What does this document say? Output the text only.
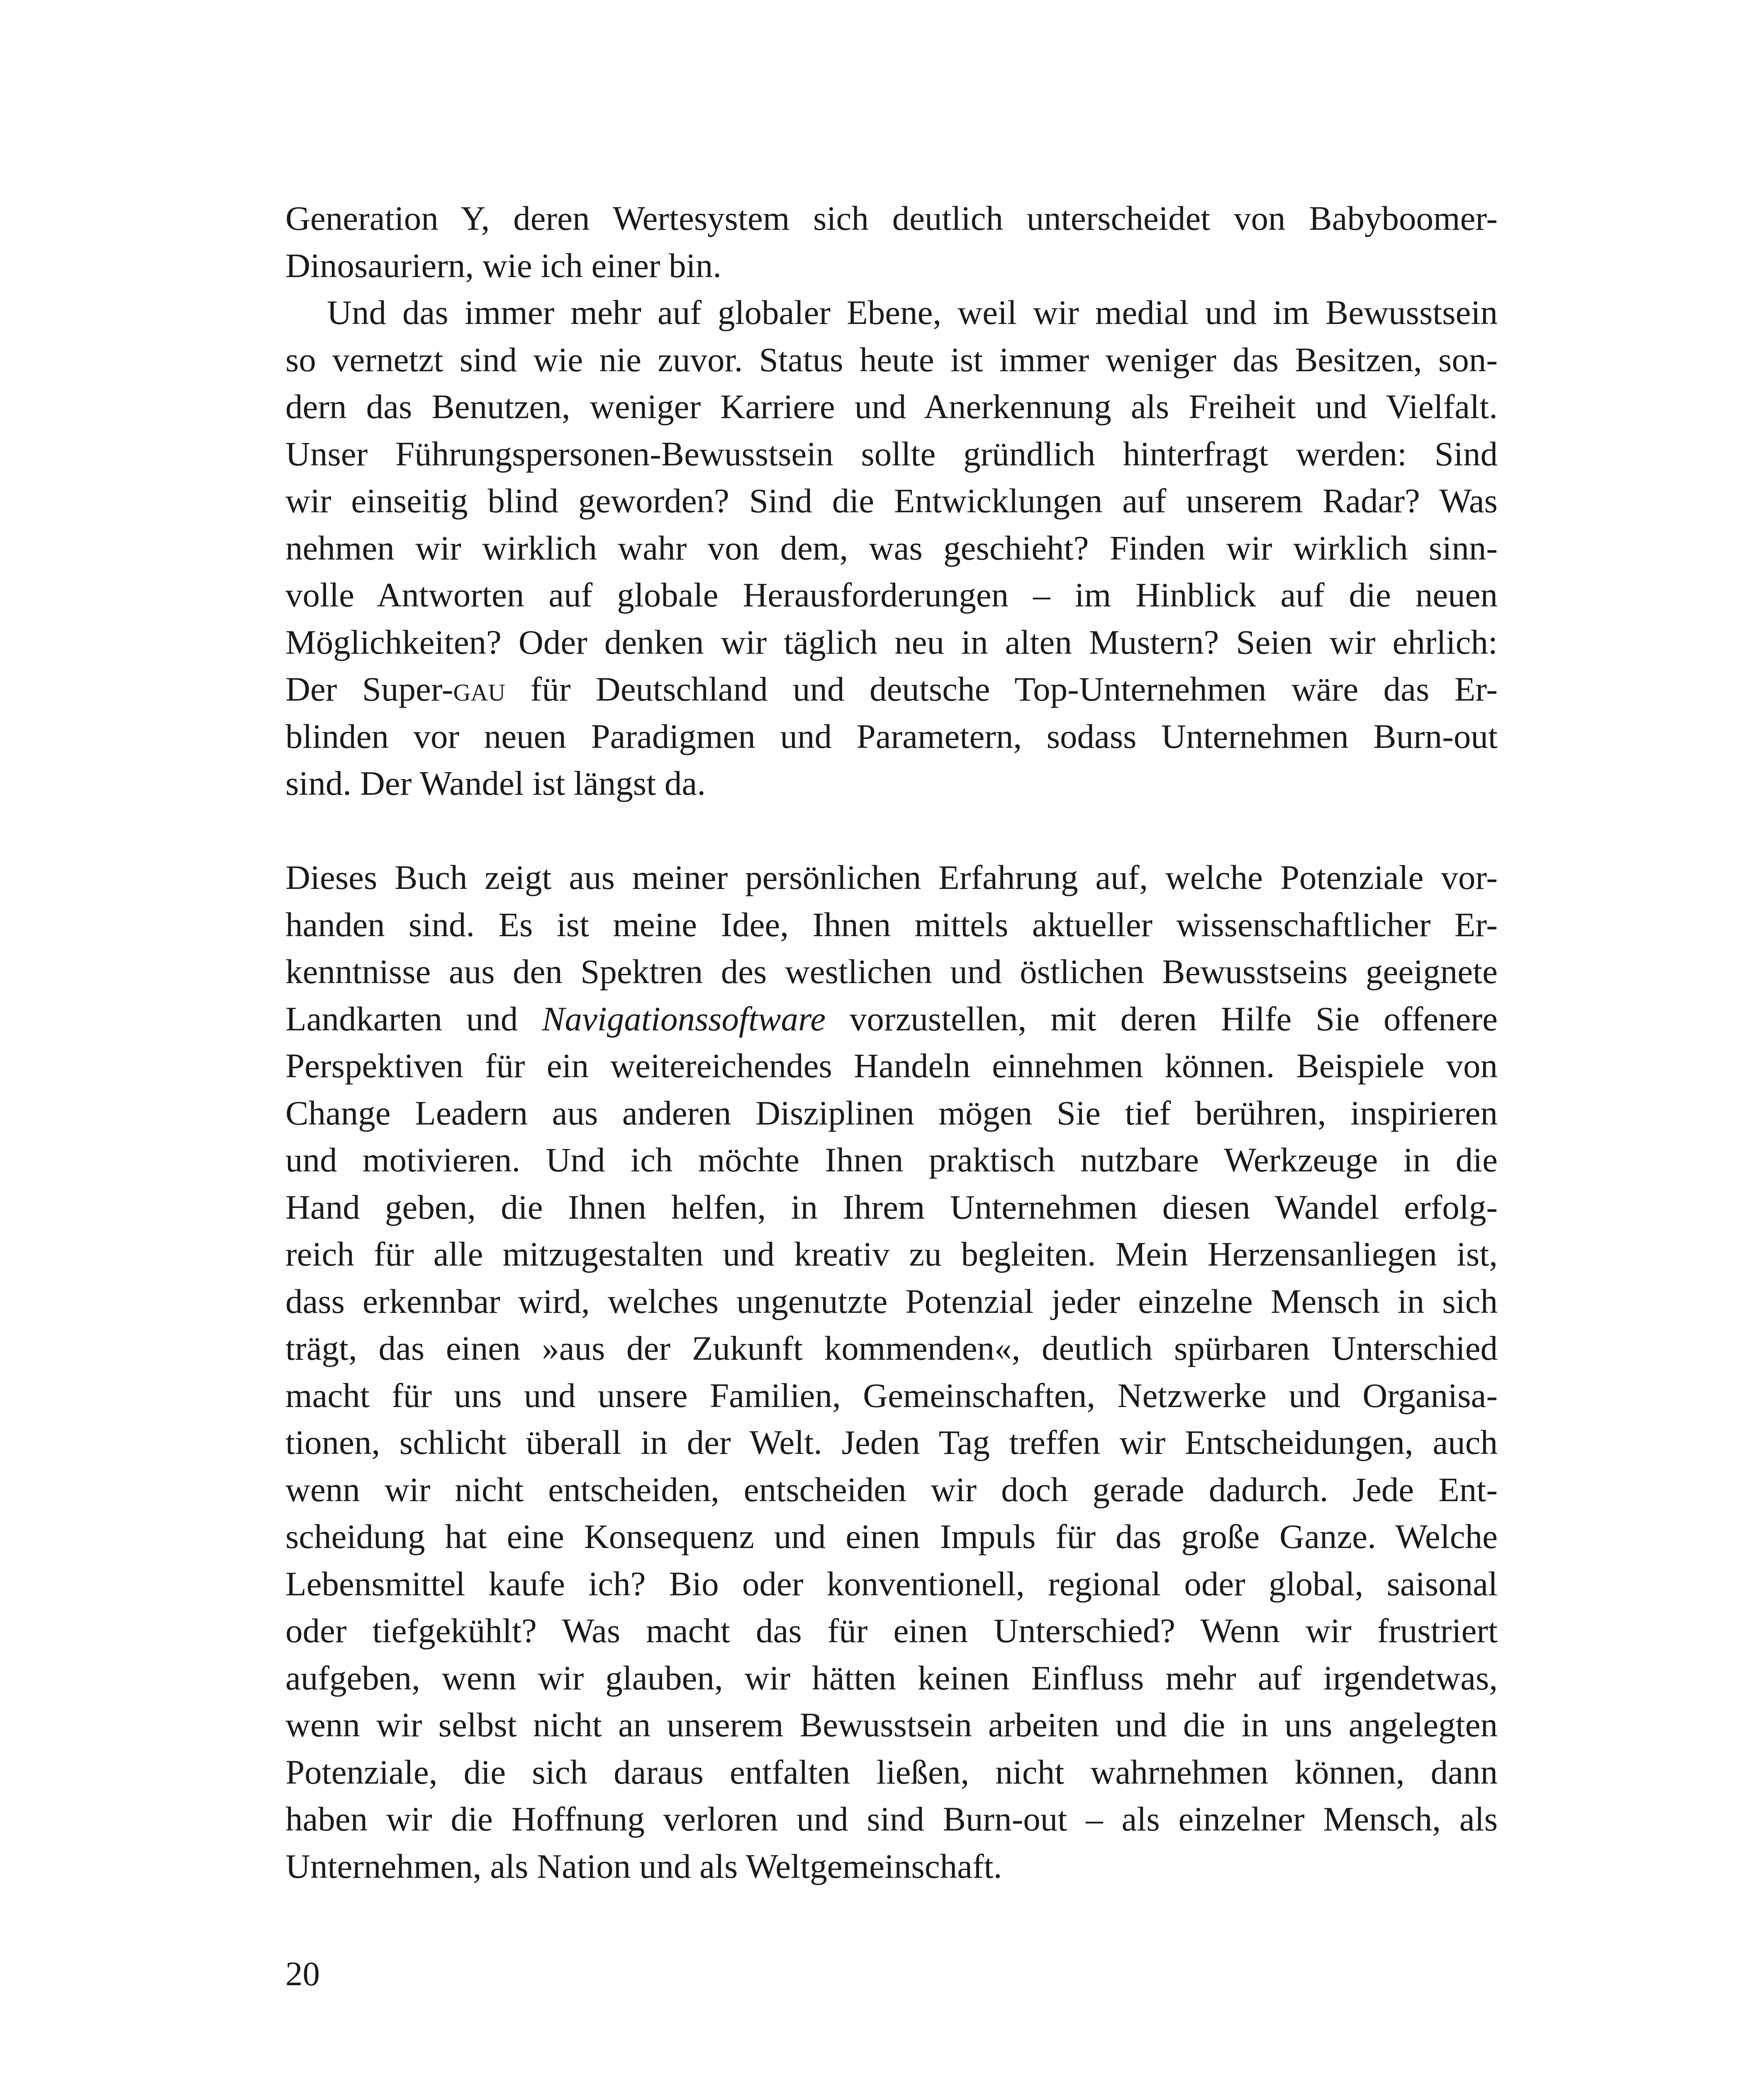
Generation Y, deren Wertesystem sich deutlich unterscheidet von Babyboomer-
Dinosauriern, wie ich einer bin.
Und das immer mehr auf globaler Ebene, weil wir medial und im Bewusstsein
so vernetzt sind wie nie zuvor. Status heute ist immer weniger das Besitzen, son-
dern das Benutzen, weniger Karriere und Anerkennung als Freiheit und Vielfalt.
Unser Führungspersonen-Bewusstsein sollte gründlich hinterfragt werden: Sind
wir einseitig blind geworden? Sind die Entwicklungen auf unserem Radar? Was
nehmen wir wirklich wahr von dem, was geschieht? Finden wir wirklich sinn-
volle Antworten auf globale Herausforderungen – im Hinblick auf die neuen
Möglichkeiten? Oder denken wir täglich neu in alten Mustern? Seien wir ehrlich:
Der Super-gau für Deutschland und deutsche Top-Unternehmen wäre das Er-
blinden vor neuen Paradigmen und Parametern, sodass Unternehmen Burn-out
sind. Der Wandel ist längst da.
Dieses Buch zeigt aus meiner persönlichen Erfahrung auf, welche Potenziale vor-
handen sind. Es ist meine Idee, Ihnen mittels aktueller wissenschaftlicher Er-
kenntnisse aus den Spektren des westlichen und östlichen Bewusstseins geeignete
Landkarten und Navigationssoftware vorzustellen, mit deren Hilfe Sie offenere
Perspektiven für ein weitereichendes Handeln einnehmen können. Beispiele von
Change Leadern aus anderen Disziplinen mögen Sie tief berühren, inspirieren
und motivieren. Und ich möchte Ihnen praktisch nutzbare Werkzeuge in die
Hand geben, die Ihnen helfen, in Ihrem Unternehmen diesen Wandel erfolg-
reich für alle mitzugestalten und kreativ zu begleiten. Mein Herzensanliegen ist,
dass erkennbar wird, welches ungenutzte Potenzial jeder einzelne Mensch in sich
trägt, das einen »aus der Zukunft kommenden«, deutlich spürbaren Unterschied
macht für uns und unsere Familien, Gemeinschaften, Netzwerke und Organisa-
tionen, schlicht überall in der Welt. Jeden Tag treffen wir Entscheidungen, auch
wenn wir nicht entscheiden, entscheiden wir doch gerade dadurch. Jede Ent-
scheidung hat eine Konsequenz und einen Impuls für das große Ganze. Welche
Lebensmittel kaufe ich? Bio oder konventionell, regional oder global, saisonal
oder tiefgekühlt? Was macht das für einen Unterschied? Wenn wir frustriert
aufgeben, wenn wir glauben, wir hätten keinen Einfluss mehr auf irgendetwas,
wenn wir selbst nicht an unserem Bewusstsein arbeiten und die in uns angelegten
Potenziale, die sich daraus entfalten ließen, nicht wahrnehmen können, dann
haben wir die Hoffnung verloren und sind Burn-out – als einzelner Mensch, als
Unternehmen, als Nation und als Weltgemeinschaft.
20
